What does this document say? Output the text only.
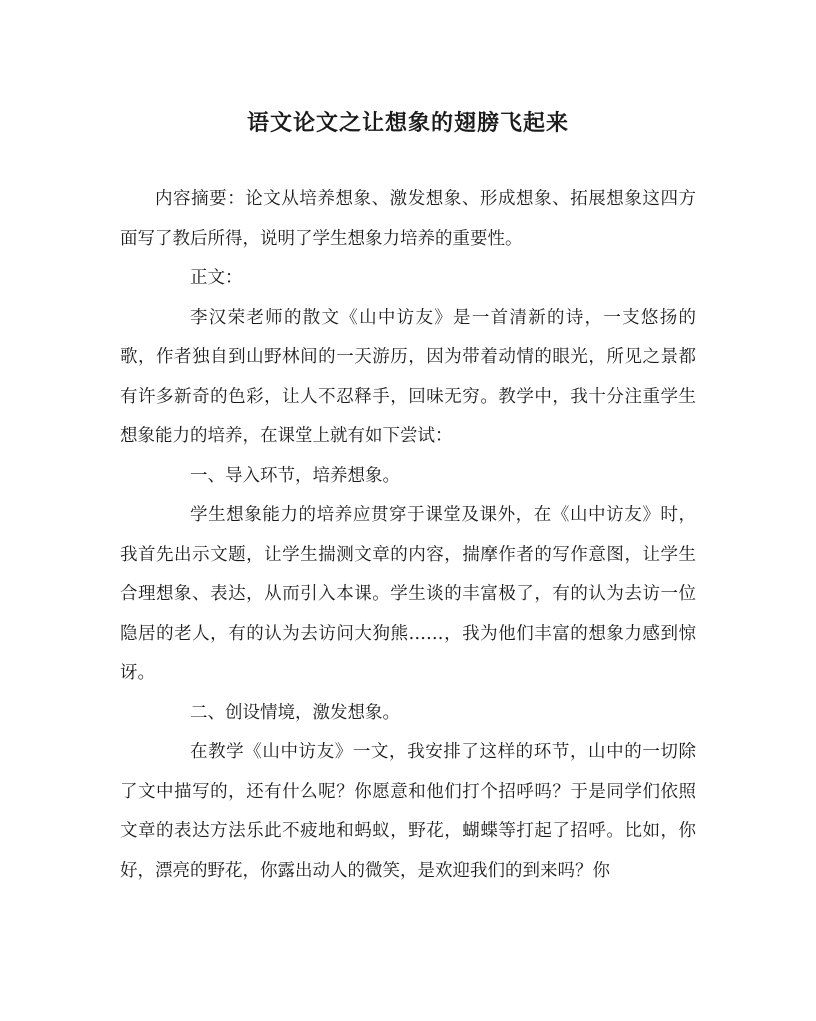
语文论文之让想象的翅膀飞起来

内容摘要：论文从培养想象、激发想象、形成想象、拓展想象这四方面写了教后所得，说明了学生想象力培养的重要性。

正文：

李汉荣老师的散文《山中访友》是一首清新的诗，一支悠扬的歌，作者独自到山野林间的一天游历，因为带着动情的眼光，所见之景都有许多新奇的色彩，让人不忍释手，回味无穷。教学中，我十分注重学生想象能力的培养，在课堂上就有如下尝试：

一、导入环节，培养想象。

学生想象能力的培养应贯穿于课堂及课外，在《山中访友》时，我首先出示文题，让学生揣测文章的内容，揣摩作者的写作意图，让学生合理想象、表达，从而引入本课。学生谈的丰富极了，有的认为去访一位隐居的老人，有的认为去访问大狗熊……，我为他们丰富的想象力感到惊讶。

二、创设情境，激发想象。

在教学《山中访友》一文，我安排了这样的环节，山中的一切除了文中描写的，还有什么呢？你愿意和他们打个招呼吗？于是同学们依照文章的表达方法乐此不疲地和蚂蚁，野花，蝴蝶等打起了招呼。比如，你好，漂亮的野花，你露出动人的微笑，是欢迎我们的到来吗？你
